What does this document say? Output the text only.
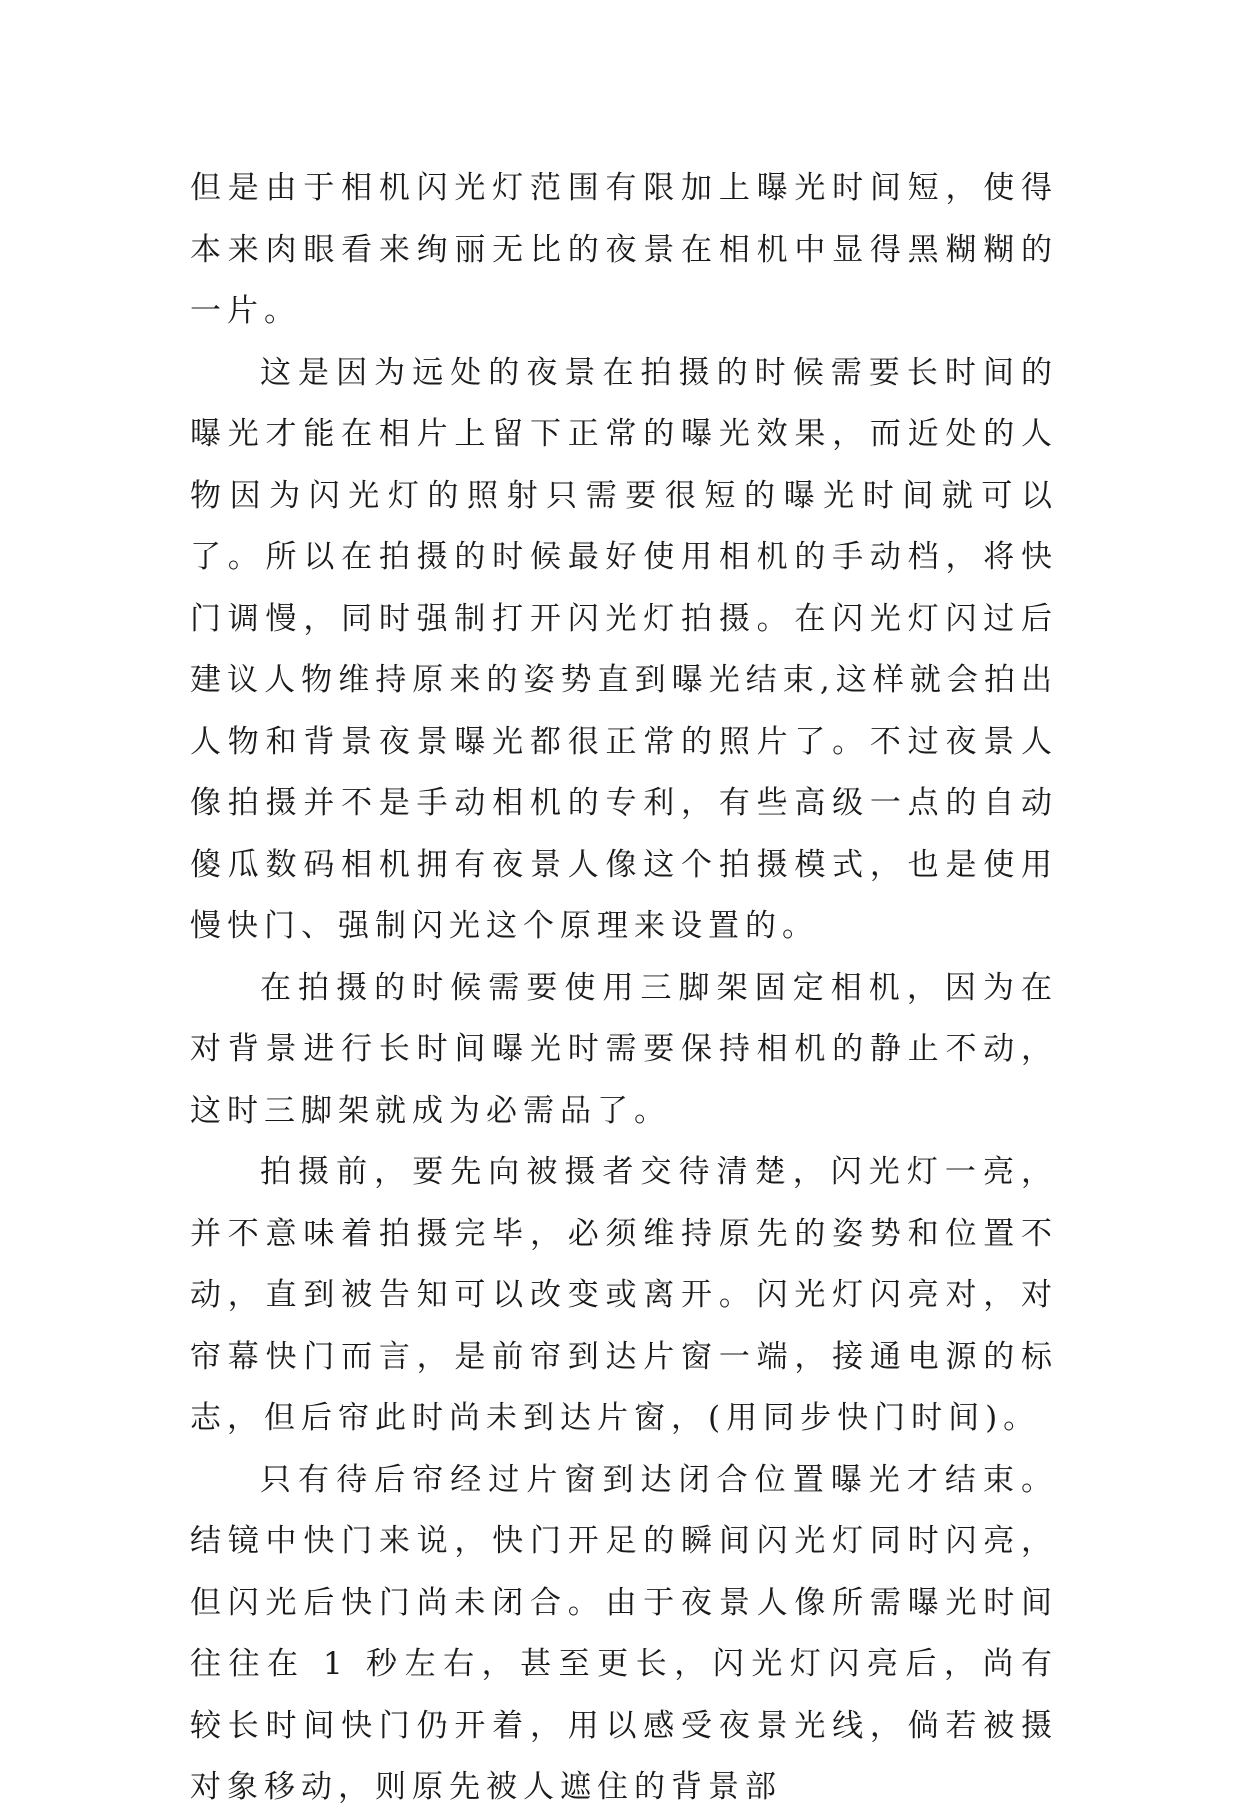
但是由于相机闪光灯范围有限加上曝光时间短，使得本来肉眼看来绚丽无比的夜景在相机中显得黑糊糊的一片。

这是因为远处的夜景在拍摄的时候需要长时间的曝光才能在相片上留下正常的曝光效果，而近处的人物因为闪光灯的照射只需要很短的曝光时间就可以了。所以在拍摄的时候最好使用相机的手动档，将快门调慢，同时强制打开闪光灯拍摄。在闪光灯闪过后建议人物维持原来的姿势直到曝光结束,这样就会拍出人物和背景夜景曝光都很正常的照片了。不过夜景人像拍摄并不是手动相机的专利，有些高级一点的自动傻瓜数码相机拥有夜景人像这个拍摄模式，也是使用慢快门、强制闪光这个原理来设置的。

在拍摄的时候需要使用三脚架固定相机，因为在对背景进行长时间曝光时需要保持相机的静止不动，这时三脚架就成为必需品了。

拍摄前，要先向被摄者交待清楚，闪光灯一亮，并不意味着拍摄完毕，必须维持原先的姿势和位置不动，直到被告知可以改变或离开。闪光灯闪亮对，对帘幕快门而言，是前帘到达片窗一端，接通电源的标志，但后帘此时尚未到达片窗，(用同步快门时间)。

只有待后帘经过片窗到达闭合位置曝光才结束。结镜中快门来说，快门开足的瞬间闪光灯同时闪亮，但闪光后快门尚未闭合。由于夜景人像所需曝光时间往往在 1 秒左右，甚至更长，闪光灯闪亮后，尚有较长时间快门仍开着，用以感受夜景光线，倘若被摄对象移动，则原先被人遮住的背景部
